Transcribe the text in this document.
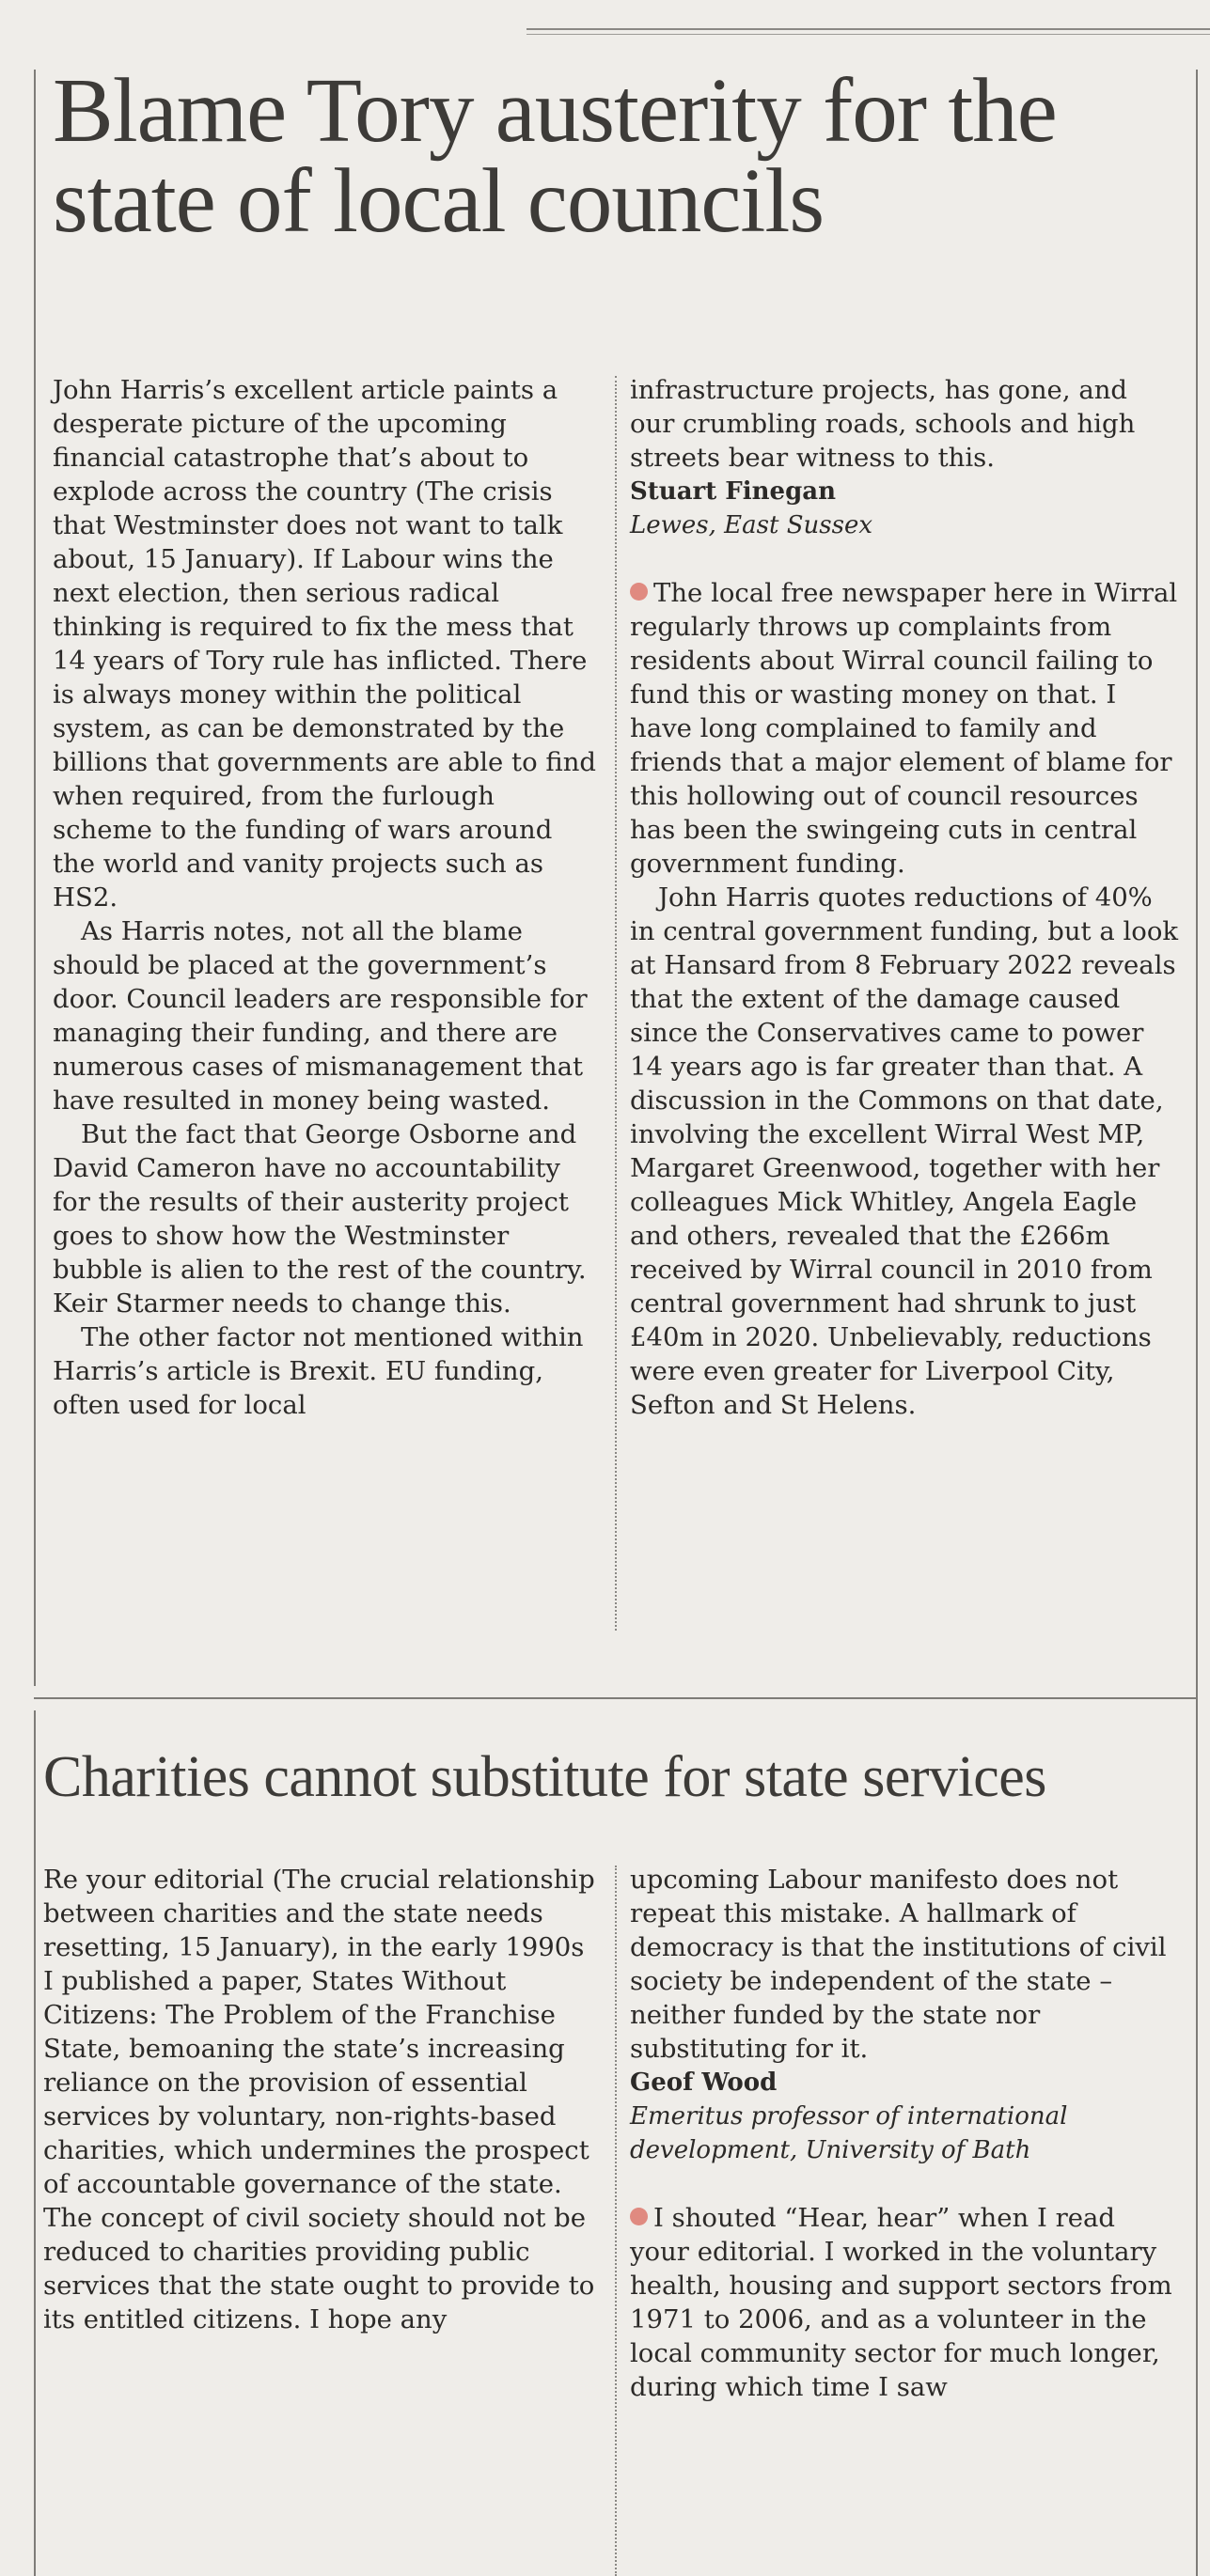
Blame Tory austerity for the state of local councils

John Harris’s excellent article paints a desperate picture of the upcoming financial catastrophe that’s about to explode across the country (The crisis that Westminster does not want to talk about, 15 January). If Labour wins the next election, then serious radical thinking is required to fix the mess that 14 years of Tory rule has inflicted. There is always money within the political system, as can be demonstrated by the billions that governments are able to find when required, from the furlough scheme to the funding of wars around the world and vanity projects such as HS2.

As Harris notes, not all the blame should be placed at the government’s door. Council leaders are responsible for managing their funding, and there are numerous cases of mismanagement that have resulted in money being wasted.

But the fact that George Osborne and David Cameron have no accountability for the results of their austerity project goes to show how the Westminster bubble is alien to the rest of the country. Keir Starmer needs to change this.

The other factor not mentioned within Harris’s article is Brexit. EU funding, often used for local

infrastructure projects, has gone, and our crumbling roads, schools and high streets bear witness to this.

Stuart Finegan

Lewes, East Sussex

The local free newspaper here in Wirral regularly throws up complaints from residents about Wirral council failing to fund this or wasting money on that. I have long complained to family and friends that a major element of blame for this hollowing out of council resources has been the swingeing cuts in central government funding.

John Harris quotes reductions of 40% in central government funding, but a look at Hansard from 8 February 2022 reveals that the extent of the damage caused since the Conservatives came to power 14 years ago is far greater than that. A discussion in the Commons on that date, involving the excellent Wirral West MP, Margaret Greenwood, together with her colleagues Mick Whitley, Angela Eagle and others, revealed that the £266m received by Wirral council in 2010 from central government had shrunk to just £40m in 2020. Unbelievably, reductions were even greater for Liverpool City, Sefton and St Helens.

Charities cannot substitute for state services

Re your editorial (The crucial relationship between charities and the state needs resetting, 15 January), in the early 1990s I published a paper, States Without Citizens: The Problem of the Franchise State, bemoaning the state’s increasing reliance on the provision of essential services by voluntary, non-rights-based charities, which undermines the prospect of accountable governance of the state. The concept of civil society should not be reduced to charities providing public services that the state ought to provide to its entitled citizens. I hope any

upcoming Labour manifesto does not repeat this mistake. A hallmark of democracy is that the institutions of civil society be independent of the state – neither funded by the state nor substituting for it.

Geof Wood

Emeritus professor of international development, University of Bath

I shouted “Hear, hear” when I read your editorial. I worked in the voluntary health, housing and support sectors from 1971 to 2006, and as a volunteer in the local community sector for much longer, during which time I saw
